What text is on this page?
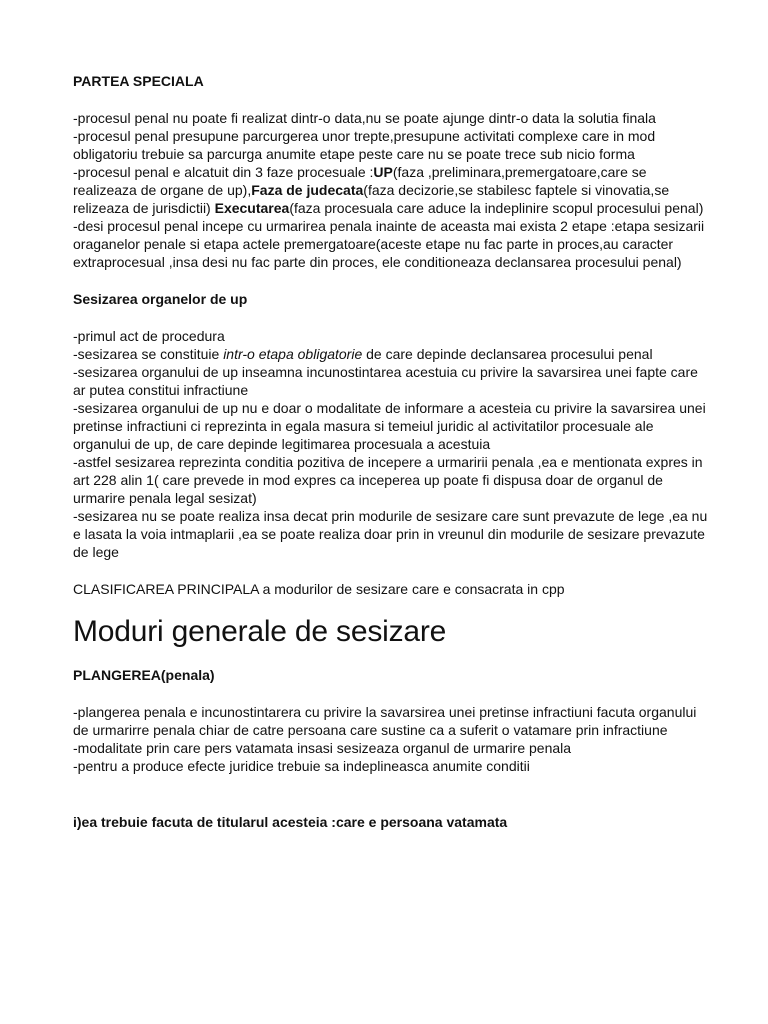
PARTEA SPECIALA

-procesul penal nu poate fi realizat dintr-o data,nu se poate ajunge dintr-o data la solutia finala

-procesul penal presupune parcurgerea unor trepte,presupune activitati complexe care in mod obligatoriu trebuie sa parcurga anumite etape peste care nu se poate trece sub nicio forma

-procesul penal e alcatuit din 3 faze procesuale :UP(faza ,preliminara,premergatoare,care se realizeaza de organe de up),Faza de judecata(faza decizorie,se stabilesc faptele si vinovatia,se relizeaza de jurisdictii) Executarea(faza procesuala care aduce la indeplinire scopul procesului penal)

-desi procesul penal incepe cu urmarirea penala inainte de aceasta mai exista 2 etape :etapa sesizarii oraganelor penale si etapa actele premergatoare(aceste etape nu fac parte in proces,au caracter extraprocesual ,insa desi nu fac parte din proces, ele conditioneaza declansarea procesului penal)

Sesizarea organelor de up

-primul act de procedura

-sesizarea se constituie intr-o etapa obligatorie de care depinde declansarea procesului penal

-sesizarea organului de up inseamna incunostintarea acestuia cu privire la savarsirea unei fapte care ar putea constitui infractiune

-sesizarea organului de up nu e doar o modalitate de informare a acesteia cu privire la savarsirea unei pretinse infractiuni ci reprezinta in egala masura si temeiul juridic al activitatilor procesuale ale organului de up, de care depinde legitimarea procesuala a acestuia

-astfel sesizarea reprezinta conditia pozitiva de incepere a urmaririi penala ,ea e mentionata expres in art 228 alin 1( care prevede in mod expres ca inceperea up poate fi dispusa doar de organul de urmarire penala legal sesizat)

-sesizarea nu se poate realiza insa decat prin modurile de sesizare care sunt prevazute de lege ,ea nu e lasata la voia intmaplarii ,ea se poate realiza doar prin in vreunul din modurile de sesizare prevazute de lege

CLASIFICAREA PRINCIPALA a modurilor de sesizare care e consacrata in cpp

Moduri generale de sesizare

PLANGEREA(penala)

-plangerea penala e incunostintarera cu privire la savarsirea unei pretinse infractiuni facuta organului de urmarirre penala chiar de catre persoana care sustine ca a suferit o vatamare prin infractiune

-modalitate prin care pers vatamata insasi sesizeaza organul de urmarire penala

-pentru a produce efecte juridice trebuie sa indeplineasca anumite conditii

i)ea trebuie facuta de titularul acesteia :care e persoana vatamata
